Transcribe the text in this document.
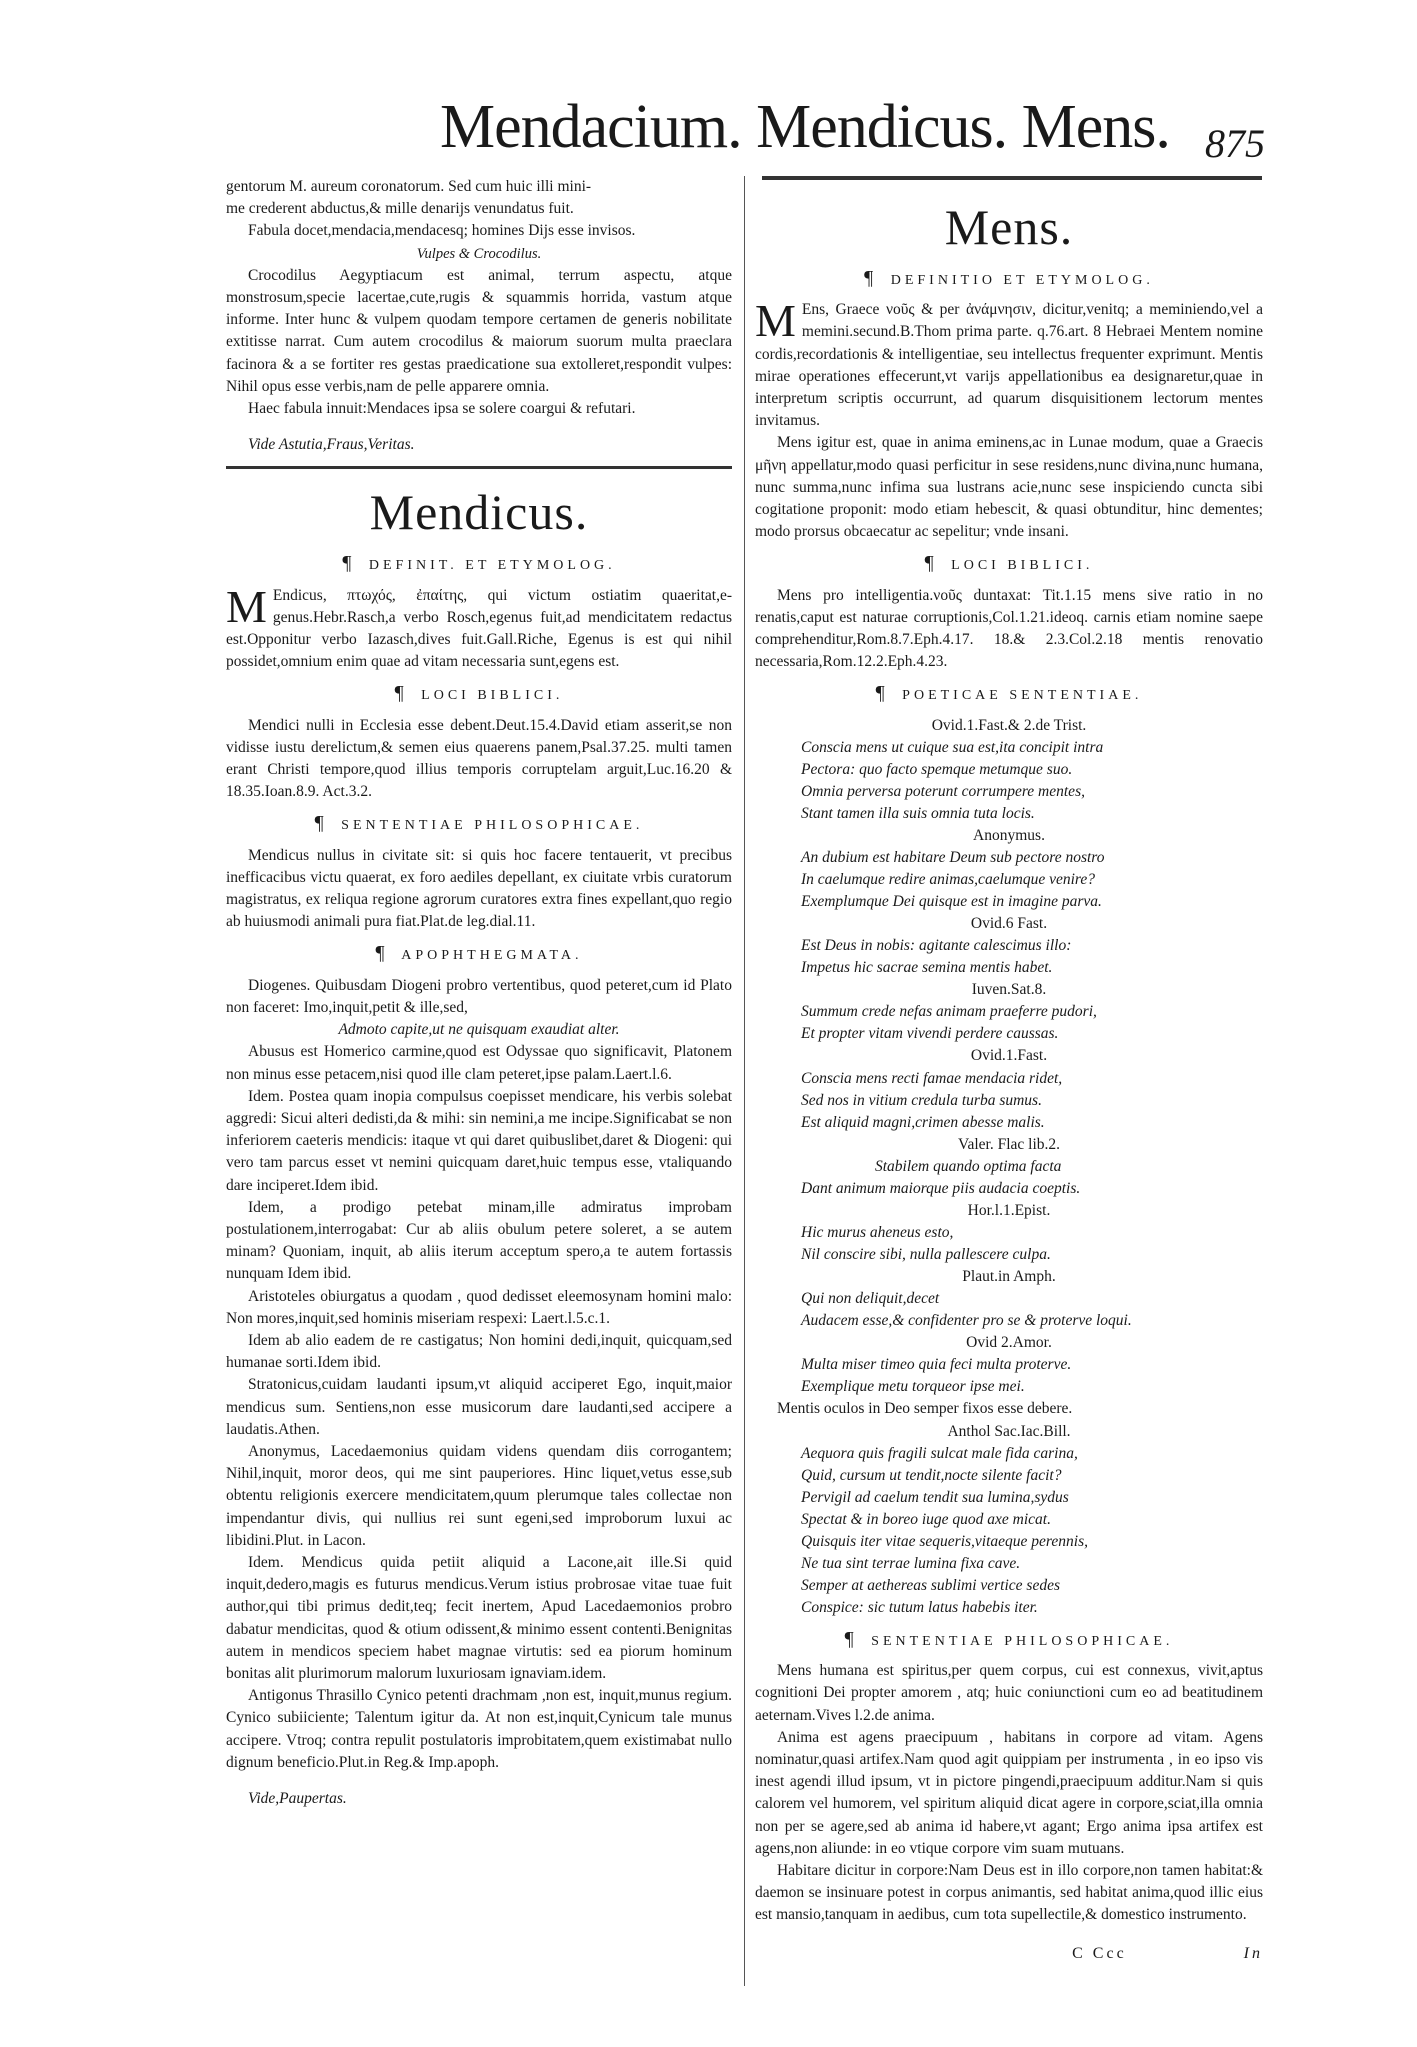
Mendacium. Mendicus. Mens. 875

gentorum M. aureum coronatorum. Sed cum huic illi mini-

me crederent abductus,& mille denarijs venundatus fuit.

Fabula docet,mendacia,mendacesq; homines Dijs esse invisos.

Vulpes & Crocodilus.

Crocodilus Aegyptiacum est animal, terrum aspectu, atque monstrosum,specie lacertae,cute,rugis & squammis horrida, vastum atque informe. Inter hunc & vulpem quodam tempore certamen de generis nobilitate extitisse narrat. Cum autem crocodilus & maiorum suorum multa praeclara facinora & a se fortiter res gestas praedicatione sua extolleret,respondit vulpes: Nihil opus esse verbis,nam de pelle apparere omnia.

Haec fabula innuit:Mendaces ipsa se solere coargui & refutari.

Vide Astutia,Fraus,Veritas.

Mendicus.
¶ DEFINIT. ET ETYMOLOG.

M Endicus, πτωχός, ἐπαίτης, qui victum ostiatim quaeritat,e-genus.Hebr.Rasch,a verbo Rosch,egenus fuit,ad mendicitatem redactus est.Opponitur verbo Iazasch,dives fuit.Gall.Riche, Egenus is est qui nihil possidet,omnium enim quae ad vitam necessaria sunt,egens est.

¶ LOCI BIBLICI.

Mendici nulli in Ecclesia esse debent.Deut.15.4.David etiam asserit,se non vidisse iustu derelictum,& semen eius quaerens panem,Psal.37.25. multi tamen erant Christi tempore,quod illius temporis corruptelam arguit,Luc.16.20 & 18.35.Ioan.8.9. Act.3.2.

¶ SENTENTIAE PHILOSOPHICAE.

Mendicus nullus in civitate sit: si quis hoc facere tentauerit, vt precibus inefficacibus victu quaerat, ex foro aediles depellant, ex ciuitate vrbis curatorum magistratus, ex reliqua regione agrorum curatores extra fines expellant,quo regio ab huiusmodi animali pura fiat.Plat.de leg.dial.11.

¶ APOPHTHEGMATA.

Diogenes. Quibusdam Diogeni probro vertentibus, quod peteret,cum id Plato non faceret: Imo,inquit,petit & ille,sed,

Admoto capite,ut ne quisquam exaudiat alter.

Abusus est Homerico carmine,quod est Odyssae quo significavit, Platonem non minus esse petacem,nisi quod ille clam peteret,ipse palam.Laert.l.6.

Idem. Postea quam inopia compulsus coepisset mendicare, his verbis solebat aggredi: Sicui alteri dedisti,da & mihi: sin nemini,a me incipe.Significabat se non inferiorem caeteris mendicis: itaque vt qui daret quibuslibet,daret & Diogeni: qui vero tam parcus esset vt nemini quicquam daret,huic tempus esse, vtaliquando dare inciperet.Idem ibid.

Idem, a prodigo petebat minam,ille admiratus improbam postulationem,interrogabat: Cur ab aliis obulum petere soleret, a se autem minam? Quoniam, inquit, ab aliis iterum acceptum spero,a te autem fortassis nunquam Idem ibid.

Aristoteles obiurgatus a quodam , quod dedisset eleemosynam homini malo: Non mores,inquit,sed hominis miseriam respexi: Laert.l.5.c.1.

Idem ab alio eadem de re castigatus; Non homini dedi,inquit, quicquam,sed humanae sorti.Idem ibid.

Stratonicus,cuidam laudanti ipsum,vt aliquid acciperet Ego, inquit,maior mendicus sum. Sentiens,non esse musicorum dare laudanti,sed accipere a laudatis.Athen.

Anonymus, Lacedaemonius quidam videns quendam diis corrogantem; Nihil,inquit, moror deos, qui me sint pauperiores. Hinc liquet,vetus esse,sub obtentu religionis exercere mendicitatem,quum plerumque tales collectae non impendantur divis, qui nullius rei sunt egeni,sed improborum luxui ac libidini.Plut. in Lacon.

Idem. Mendicus quida petiit aliquid a Lacone,ait ille.Si quid inquit,dedero,magis es futurus mendicus.Verum istius probrosae vitae tuae fuit author,qui tibi primus dedit,teq; fecit inertem, Apud Lacedaemonios probro dabatur mendicitas, quod & otium odissent,& minimo essent contenti.Benignitas autem in mendicos speciem habet magnae virtutis: sed ea piorum hominum bonitas alit plurimorum malorum luxuriosam ignaviam.idem.

Antigonus Thrasillo Cynico petenti drachmam ,non est, inquit,munus regium. Cynico subiiciente; Talentum igitur da. At non est,inquit,Cynicum tale munus accipere. Vtroq; contra repulit postulatoris improbitatem,quem existimabat nullo dignum beneficio.Plut.in Reg.& Imp.apoph.

Vide,Paupertas.

Mens.
¶ DEFINITIO ET ETYMOLOG.

M Ens, Graece νοῦς & per ἀνάμνησιν, dicitur,venitq; a meminiendo,vel a memini.secund.B.Thom prima parte. q.76.art. 8 Hebraei Mentem nomine cordis,recordationis & intelligentiae, seu intellectus frequenter exprimunt. Mentis mirae operationes effecerunt,vt varijs appellationibus ea designaretur,quae in interpretum scriptis occurrunt, ad quarum disquisitionem lectorum mentes invitamus.

Mens igitur est, quae in anima eminens,ac in Lunae modum, quae a Graecis μῆνη appellatur,modo quasi perficitur in sese residens,nunc divina,nunc humana, nunc summa,nunc infima sua lustrans acie,nunc sese inspiciendo cuncta sibi cogitatione proponit: modo etiam hebescit, & quasi obtunditur, hinc dementes; modo prorsus obcaecatur ac sepelitur; vnde insani.

¶ LOCI BIBLICI.

Mens pro intelligentia.νοῦς duntaxat: Tit.1.15 mens sive ratio in no renatis,caput est naturae corruptionis,Col.1.21.ideoq. carnis etiam nomine saepe comprehenditur,Rom.8.7.Eph.4.17. 18.& 2.3.Col.2.18 mentis renovatio necessaria,Rom.12.2.Eph.4.23.

¶ POETICAE SENTENTIAE.

Ovid.1.Fast.& 2.de Trist.

Conscia mens ut cuique sua est,ita concipit intra

Pectora: quo facto spemque metumque suo.

Omnia perversa poterunt corrumpere mentes,

Stant tamen illa suis omnia tuta locis.

Anonymus.

An dubium est habitare Deum sub pectore nostro

In caelumque redire animas,caelumque venire?

Exemplumque Dei quisque est in imagine parva.

Ovid.6 Fast.

Est Deus in nobis: agitante calescimus illo:

Impetus hic sacrae semina mentis habet.

Iuven.Sat.8.

Summum crede nefas animam praeferre pudori,

Et propter vitam vivendi perdere caussas.

Ovid.1.Fast.

Conscia mens recti famae mendacia ridet,

Sed nos in vitium credula turba sumus.

Est aliquid magni,crimen abesse malis.

Valer. Flac lib.2.

Stabilem quando optima facta

Dant animum maiorque piis audacia coeptis.

Hor.l.1.Epist.

Hic murus aheneus esto,

Nil conscire sibi, nulla pallescere culpa.

Plaut.in Amph.

Qui non deliquit,decet

Audacem esse,& confidenter pro se & proterve loqui.

Ovid 2.Amor.

Multa miser timeo quia feci multa proterve.

Exemplique metu torqueor ipse mei.

Mentis oculos in Deo semper fixos esse debere.

Anthol Sac.Iac.Bill.

Aequora quis fragili sulcat male fida carina,

Quid, cursum ut tendit,nocte silente facit?

Pervigil ad caelum tendit sua lumina,sydus

Spectat & in boreo iuge quod axe micat.

Quisquis iter vitae sequeris,vitaeque perennis,

Ne tua sint terrae lumina fixa cave.

Semper at aethereas sublimi vertice sedes

Conspice: sic tutum latus habebis iter.

¶ SENTENTIAE PHILOSOPHICAE.

Mens humana est spiritus,per quem corpus, cui est connexus, vivit,aptus cognitioni Dei propter amorem , atq; huic coniunctioni cum eo ad beatitudinem aeternam.Vives l.2.de anima.

Anima est agens praecipuum , habitans in corpore ad vitam. Agens nominatur,quasi artifex.Nam quod agit quippiam per instrumenta , in eo ipso vis inest agendi illud ipsum, vt in pictore pingendi,praecipuum additur.Nam si quis calorem vel humorem, vel spiritum aliquid dicat agere in corpore,sciat,illa omnia non per se agere,sed ab anima id habere,vt agant; Ergo anima ipsa artifex est agens,non aliunde: in eo vtique corpore vim suam mutuans.

Habitare dicitur in corpore:Nam Deus est in illo corpore,non tamen habitat:& daemon se insinuare potest in corpus animantis, sed habitat anima,quod illic eius est mansio,tanquam in aedibus, cum tota supellectile,& domestico instrumento.

C Ccc	In
